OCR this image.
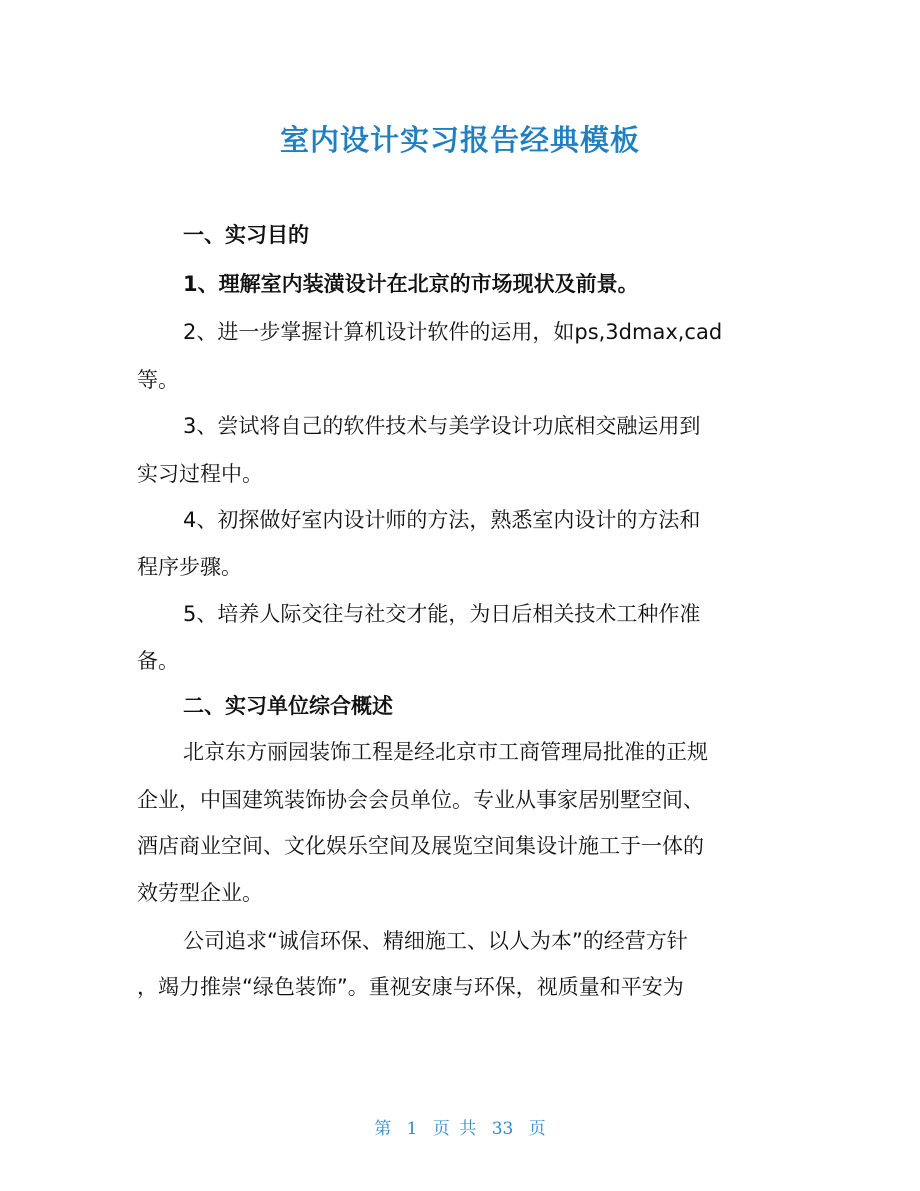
室内设计实习报告经典模板
一、实习目的
1、理解室内装潢设计在北京的市场现状及前景。
2、进一步掌握计算机设计软件的运用，如ps,3dmax,cad
等。
3、尝试将自己的软件技术与美学设计功底相交融运用到
实习过程中。
4、初探做好室内设计师的方法，熟悉室内设计的方法和
程序步骤。
5、培养人际交往与社交才能，为日后相关技术工种作准
备。
二、实习单位综合概述
北京东方丽园装饰工程是经北京市工商管理局批准的正规
企业，中国建筑装饰协会会员单位。专业从事家居别墅空间、
酒店商业空间、文化娱乐空间及展览空间集设计施工于一体的
效劳型企业。
公司追求“诚信环保、精细施工、以人为本”的经营方针
，竭力推崇“绿色装饰”。重视安康与环保，视质量和平安为
第 1 页 共 33 页
